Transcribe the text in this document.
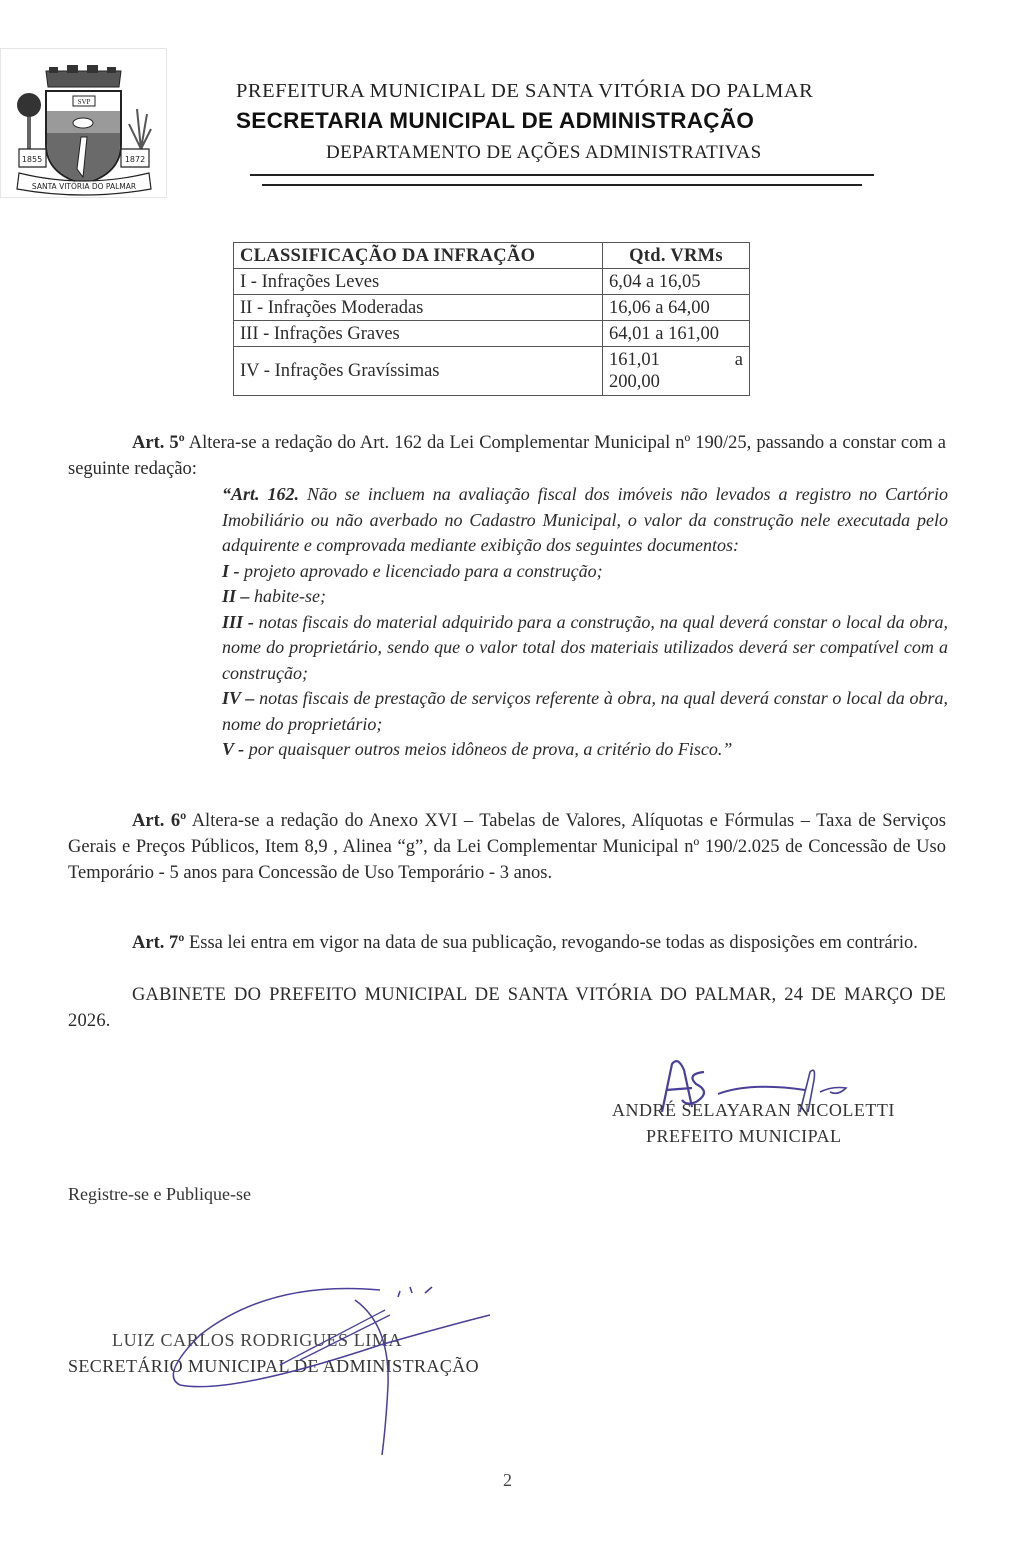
SVP
1855	1872
SANTA VITÓRIA DO PALMAR
PREFEITURA MUNICIPAL DE SANTA VITÓRIA DO PALMAR
SECRETARIA MUNICIPAL DE ADMINISTRAÇÃO
DEPARTAMENTO DE AÇÕES ADMINISTRATIVAS
CLASSIFICAÇÃO DA INFRAÇÃO	Qtd. VRMs
I - Infrações Leves	6,04 a 16,05
II - Infrações Moderadas	16,06 a 64,00
III - Infrações Graves	64,01 a 161,00
IV - Infrações Gravíssimas	161,01 a
200,00
Art. 5º Altera-se a redação do Art. 162 da Lei Complementar Municipal nº 190/25, passando a constar com a seguinte redação:
“Art. 162. Não se incluem na avaliação fiscal dos imóveis não levados a registro no Cartório Imobiliário ou não averbado no Cadastro Municipal, o valor da construção nele executada pelo adquirente e comprovada mediante exibição dos seguintes documentos:
I - projeto aprovado e licenciado para a construção;
II – habite-se;
III - notas fiscais do material adquirido para a construção, na qual deverá constar o local da obra, nome do proprietário, sendo que o valor total dos materiais utilizados deverá ser compatível com a construção;
IV – notas fiscais de prestação de serviços referente à obra, na qual deverá constar o local da obra, nome do proprietário;
V - por quaisquer outros meios idôneos de prova, a critério do Fisco.”
Art. 6º Altera-se a redação do Anexo XVI – Tabelas de Valores, Alíquotas e Fórmulas – Taxa de Serviços Gerais e Preços Públicos, Item 8,9 , Alinea “g”, da Lei Complementar Municipal nº 190/2.025 de Concessão de Uso Temporário - 5 anos para Concessão de Uso Temporário - 3 anos.
Art. 7º Essa lei entra em vigor na data de sua publicação, revogando-se todas as disposições em contrário.
GABINETE DO PREFEITO MUNICIPAL DE SANTA VITÓRIA DO PALMAR, 24 DE MARÇO DE 2026.
ANDRÉ SELAYARAN NICOLETTI
PREFEITO MUNICIPAL
Registre-se e Publique-se
LUIZ CARLOS RODRIGUES LIMA
SECRETÁRIO MUNICIPAL DE ADMINISTRAÇÃO
2
